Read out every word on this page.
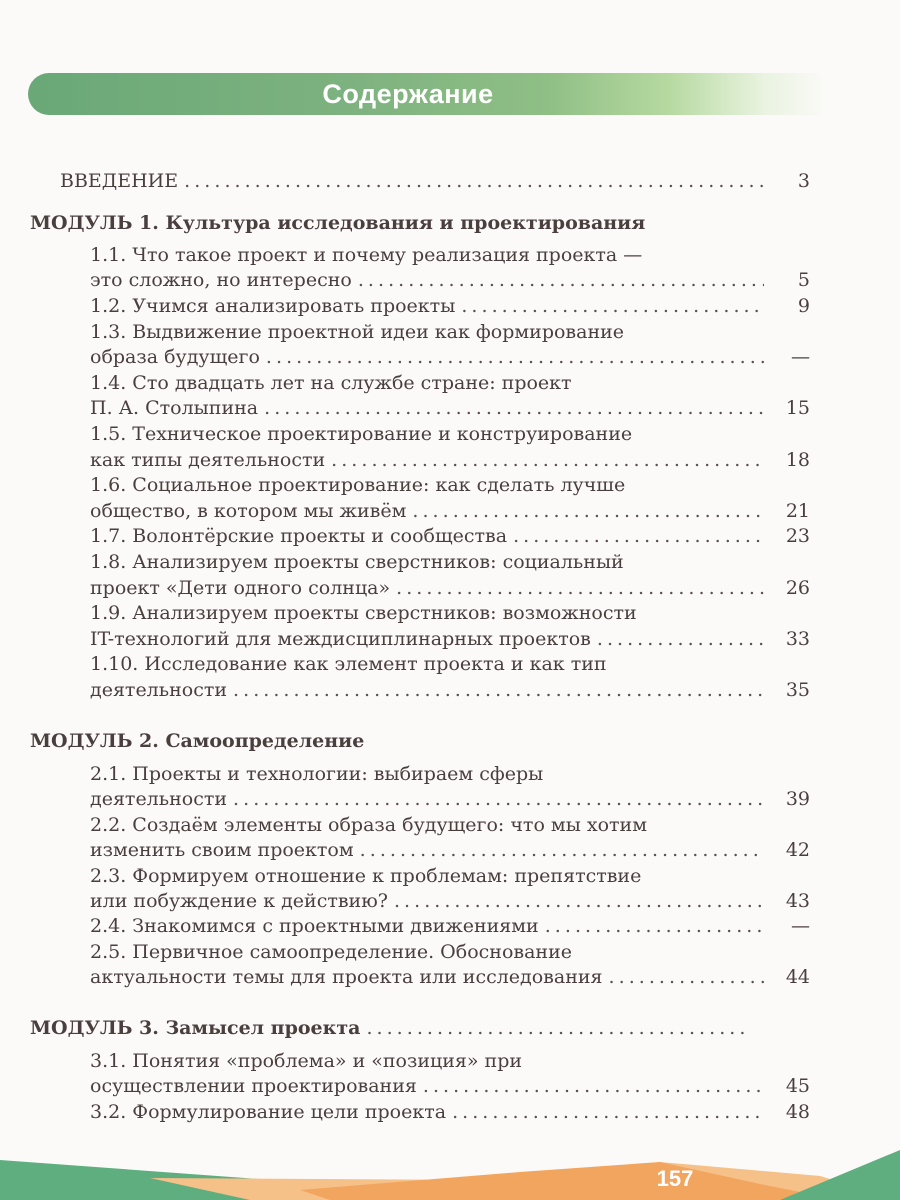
Содержание
ВВЕДЕНИЕ . . .	3
МОДУЛЬ 1. Культура исследования и проектирования
1.1. Что такое проект и почему реализация проекта —
это сложно, но интересно . . .	5
1.2. Учимся анализировать проекты . . .	9
1.3. Выдвижение проектной идеи как формирование
образа будущего . . .	—
1.4. Сто двадцать лет на службе стране: проект
П. А. Столыпина . . .	15
1.5. Техническое проектирование и конструирование
как типы деятельности . . .	18
1.6. Социальное проектирование: как сделать лучше
общество, в котором мы живём . . .	21
1.7. Волонтёрские проекты и сообщества . . .	23
1.8. Анализируем проекты сверстников: социальный
проект «Дети одного солнца» . . .	26
1.9. Анализируем проекты сверстников: возможности
IT-технологий для междисциплинарных проектов . . .	33
1.10. Исследование как элемент проекта и как тип
деятельности . . .	35
МОДУЛЬ 2. Самоопределение
2.1. Проекты и технологии: выбираем сферы
деятельности . . .	39
2.2. Создаём элементы образа будущего: что мы хотим
изменить своим проектом . . .	42
2.3. Формируем отношение к проблемам: препятствие
или побуждение к действию? . . .	43
2.4. Знакомимся с проектными движениями . . .	—
2.5. Первичное самоопределение. Обоснование
актуальности темы для проекта или исследования . . .	44
МОДУЛЬ 3. Замысел проекта
. . .
3.1. Понятия «проблема» и «позиция» при
осуществлении проектирования . . .	45
3.2. Формулирование цели проекта . . .	48
157
